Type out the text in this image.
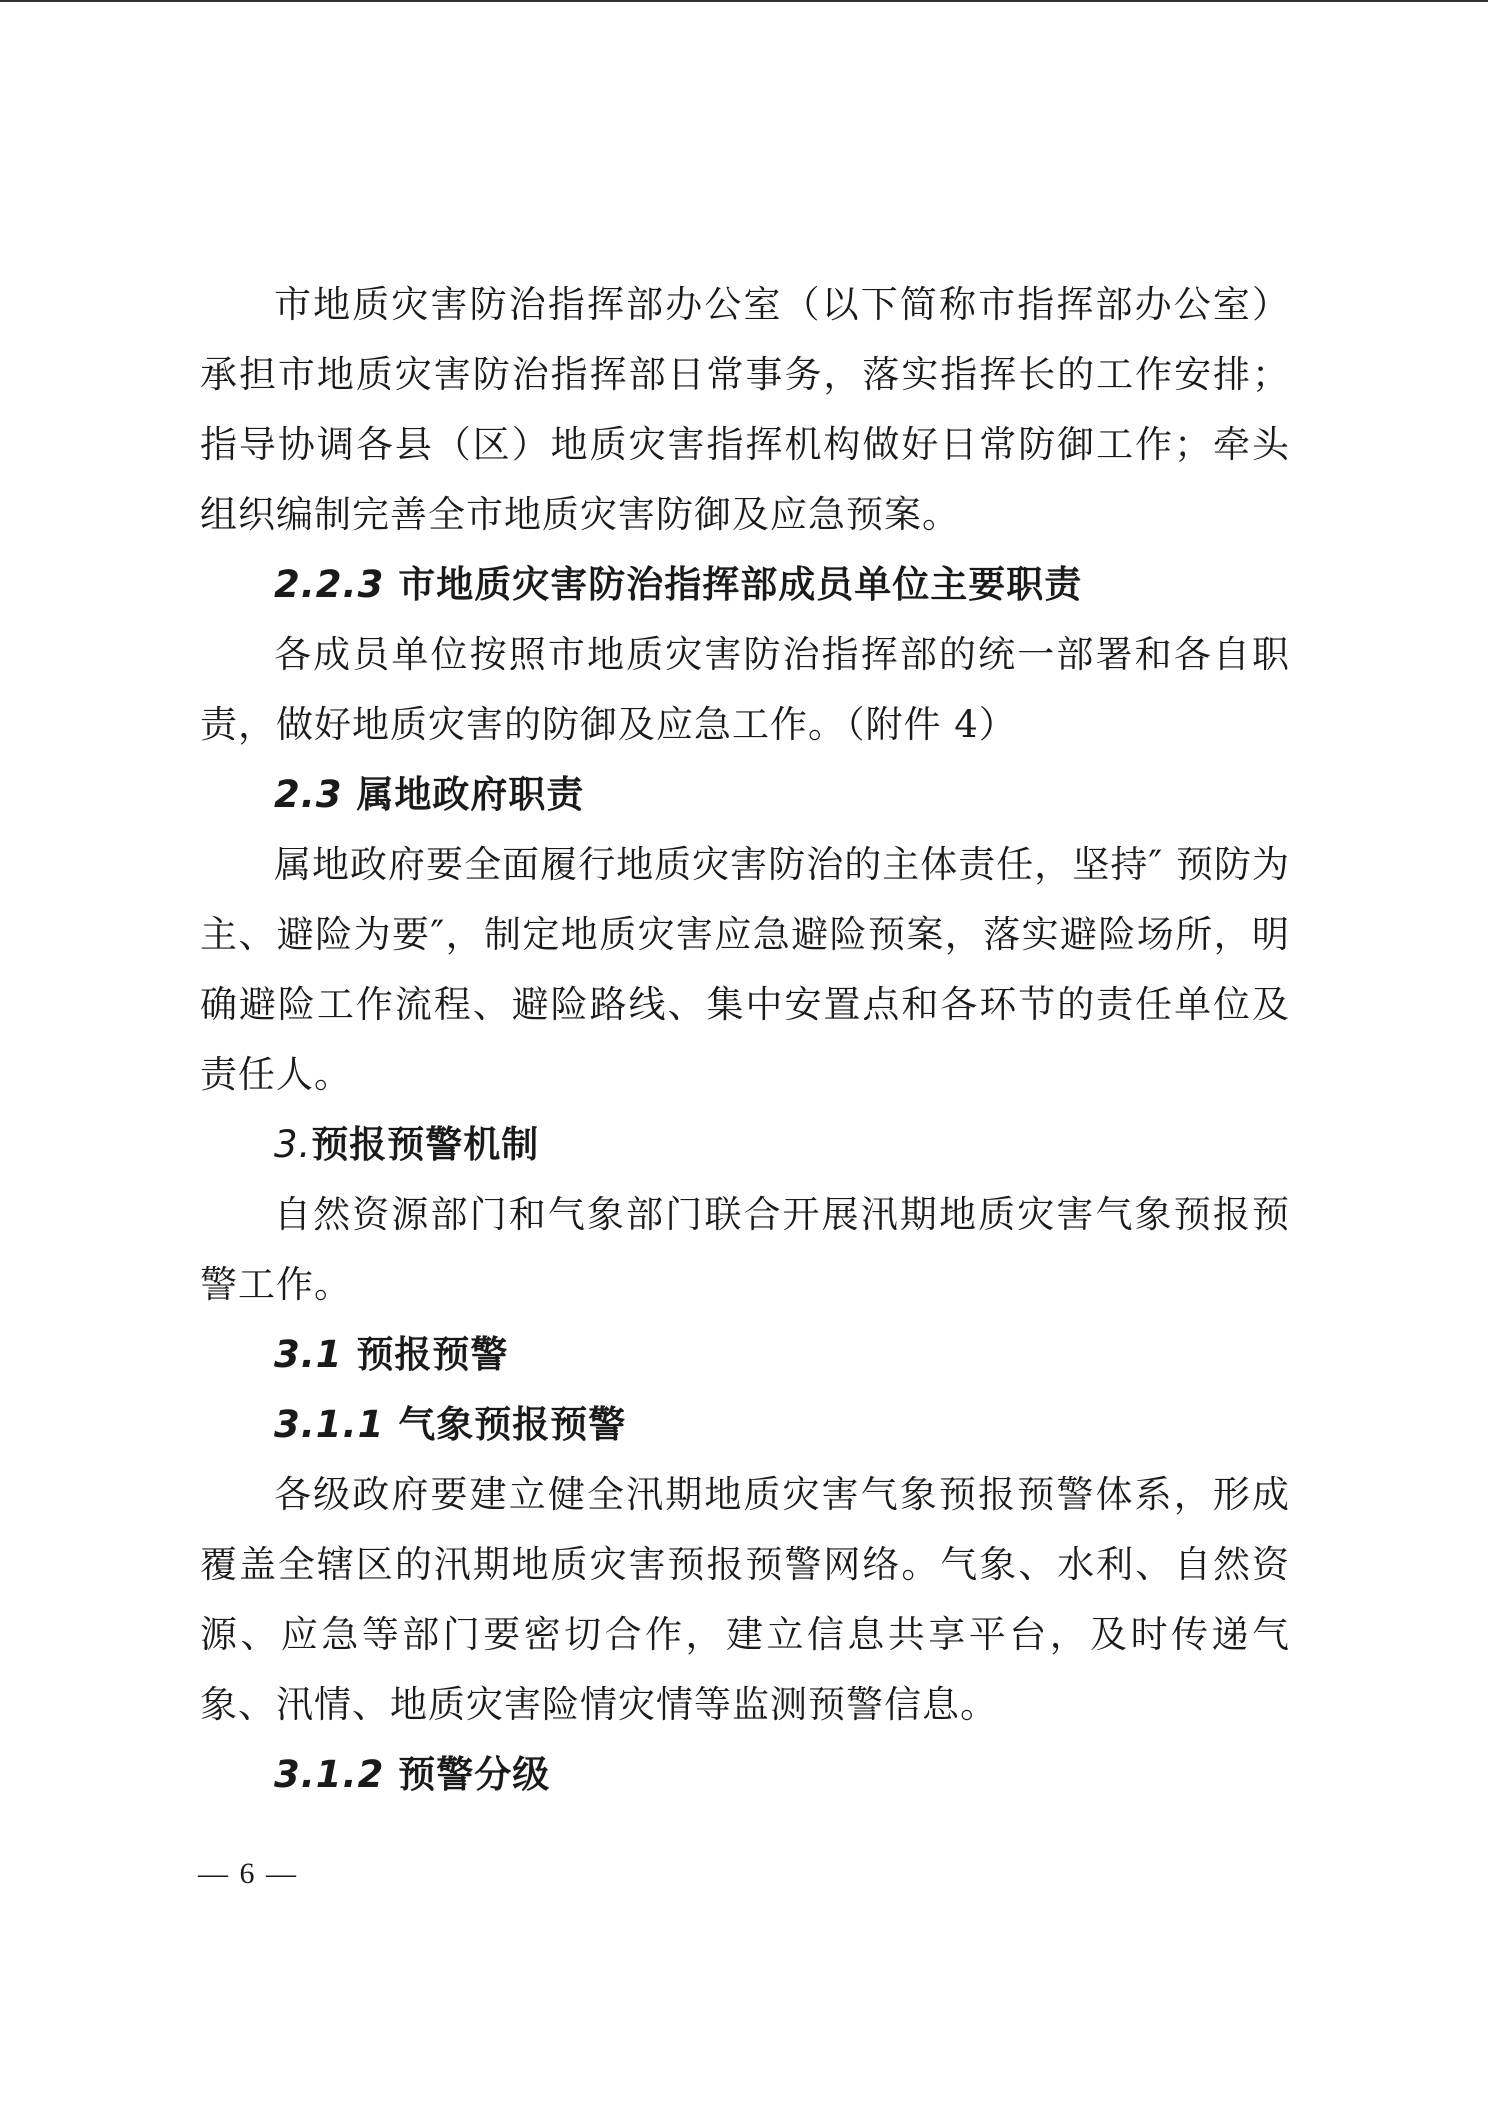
市地质灾害防治指挥部办公室（以下简称市指挥部办公室）承担市地质灾害防治指挥部日常事务，落实指挥长的工作安排；指导协调各县（区）地质灾害指挥机构做好日常防御工作；牵头组织编制完善全市地质灾害防御及应急预案。

2.2.3 市地质灾害防治指挥部成员单位主要职责

各成员单位按照市地质灾害防治指挥部的统一部署和各自职责，做好地质灾害的防御及应急工作。（附件 4）

2.3 属地政府职责

属地政府要全面履行地质灾害防治的主体责任，坚持″ 预防为主、避险为要″，制定地质灾害应急避险预案，落实避险场所，明确避险工作流程、避险路线、集中安置点和各环节的责任单位及责任人。

3.预报预警机制

自然资源部门和气象部门联合开展汛期地质灾害气象预报预警工作。

3.1 预报预警

3.1.1 气象预报预警

各级政府要建立健全汛期地质灾害气象预报预警体系，形成覆盖全辖区的汛期地质灾害预报预警网络。气象、水利、自然资源、应急等部门要密切合作，建立信息共享平台，及时传递气象、汛情、地质灾害险情灾情等监测预警信息。

3.1.2 预警分级

— 6 —
